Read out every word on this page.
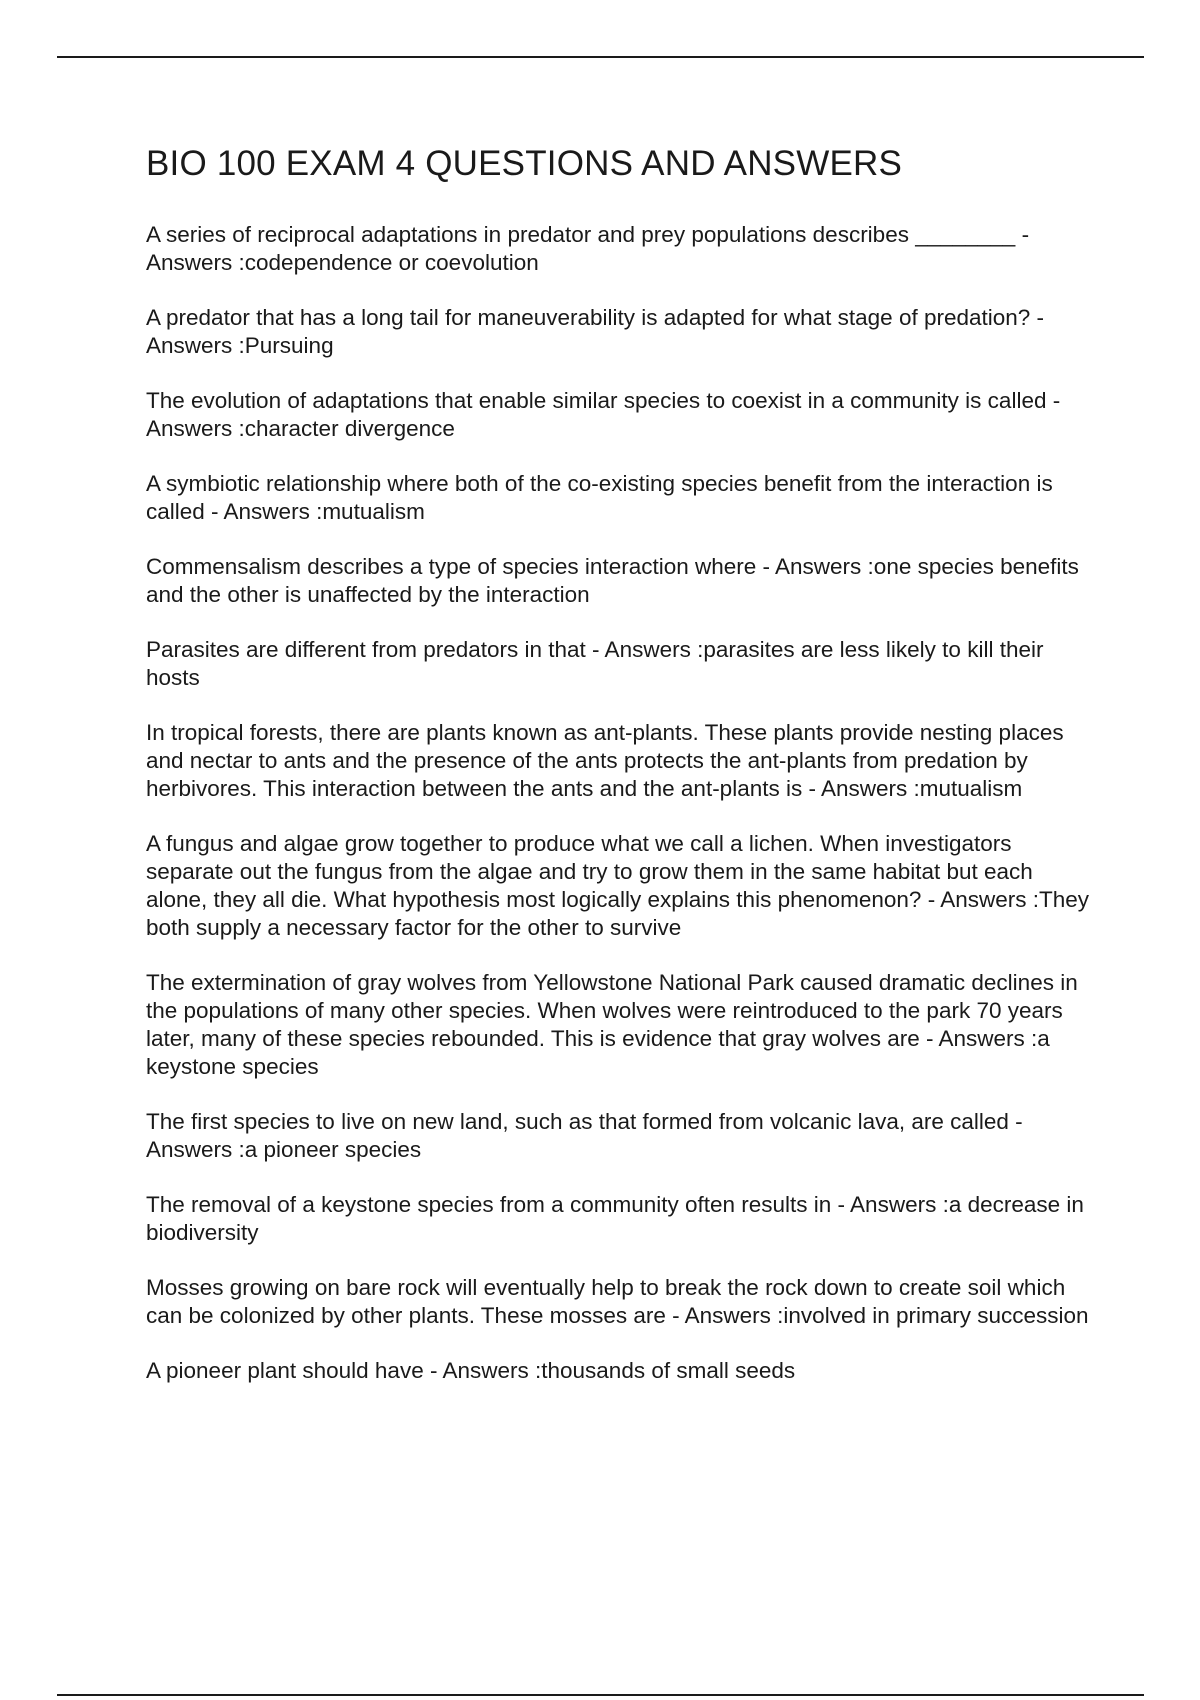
BIO 100 EXAM 4 QUESTIONS AND ANSWERS

A series of reciprocal adaptations in predator and prey populations describes ________ - Answers :codependence or coevolution

A predator that has a long tail for maneuverability is adapted for what stage of predation? - Answers :Pursuing

The evolution of adaptations that enable similar species to coexist in a community is called - Answers :character divergence

A symbiotic relationship where both of the co-existing species benefit from the interaction is called - Answers :mutualism

Commensalism describes a type of species interaction where - Answers :one species benefits and the other is unaffected by the interaction

Parasites are different from predators in that - Answers :parasites are less likely to kill their hosts

In tropical forests, there are plants known as ant-plants. These plants provide nesting places and nectar to ants and the presence of the ants protects the ant-plants from predation by herbivores. This interaction between the ants and the ant-plants is - Answers :mutualism

A fungus and algae grow together to produce what we call a lichen. When investigators separate out the fungus from the algae and try to grow them in the same habitat but each alone, they all die. What hypothesis most logically explains this phenomenon? - Answers :They both supply a necessary factor for the other to survive

The extermination of gray wolves from Yellowstone National Park caused dramatic declines in the populations of many other species. When wolves were reintroduced to the park 70 years later, many of these species rebounded. This is evidence that gray wolves are - Answers :a keystone species

The first species to live on new land, such as that formed from volcanic lava, are called - Answers :a pioneer species

The removal of a keystone species from a community often results in - Answers :a decrease in biodiversity

Mosses growing on bare rock will eventually help to break the rock down to create soil which can be colonized by other plants. These mosses are - Answers :involved in primary succession

A pioneer plant should have - Answers :thousands of small seeds
